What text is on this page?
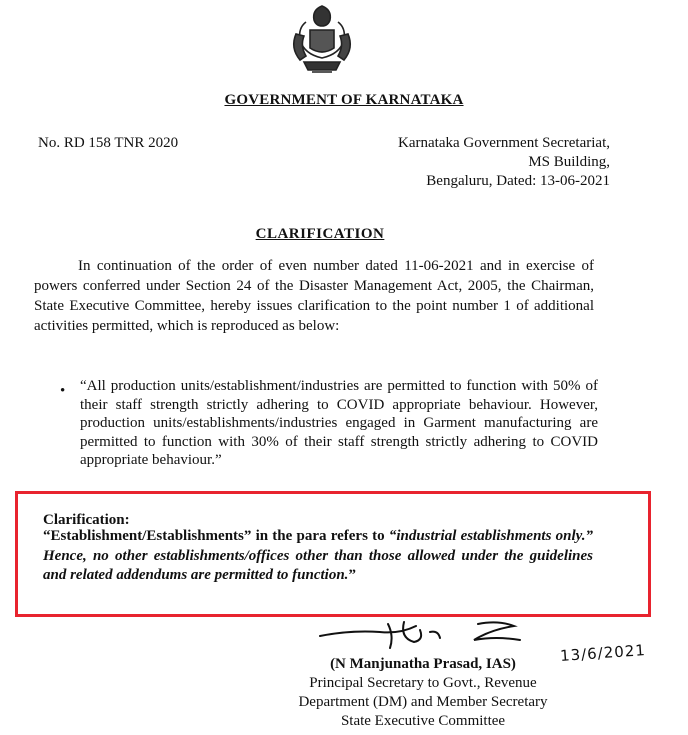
GOVERNMENT OF KARNATAKA
No. RD 158 TNR 2020	Karnataka Government Secretariat,
MS Building,
Bengaluru, Dated: 13-06-2021
CLARIFICATION

In continuation of the order of even number dated 11-06-2021 and in exercise of powers conferred under Section 24 of the Disaster Management Act, 2005, the Chairman, State Executive Committee, hereby issues clarification to the point number 1 of additional activities permitted, which is reproduced as below:

• “All production units/establishment/industries are permitted to function with 50% of their staff strength strictly adhering to COVID appropriate behaviour. However, production units/establishments/industries engaged in Garment manufacturing are permitted to function with 30% of their staff strength strictly adhering to COVID appropriate behaviour.”

Clarification:

“Establishment/Establishments” in the para refers to “industrial establishments only.” Hence, no other establishments/offices other than those allowed under the guidelines and related addendums are permitted to function.”

13/6/2021
(N Manjunatha Prasad, IAS)
Principal Secretary to Govt., Revenue
Department (DM) and Member Secretary
State Executive Committee
